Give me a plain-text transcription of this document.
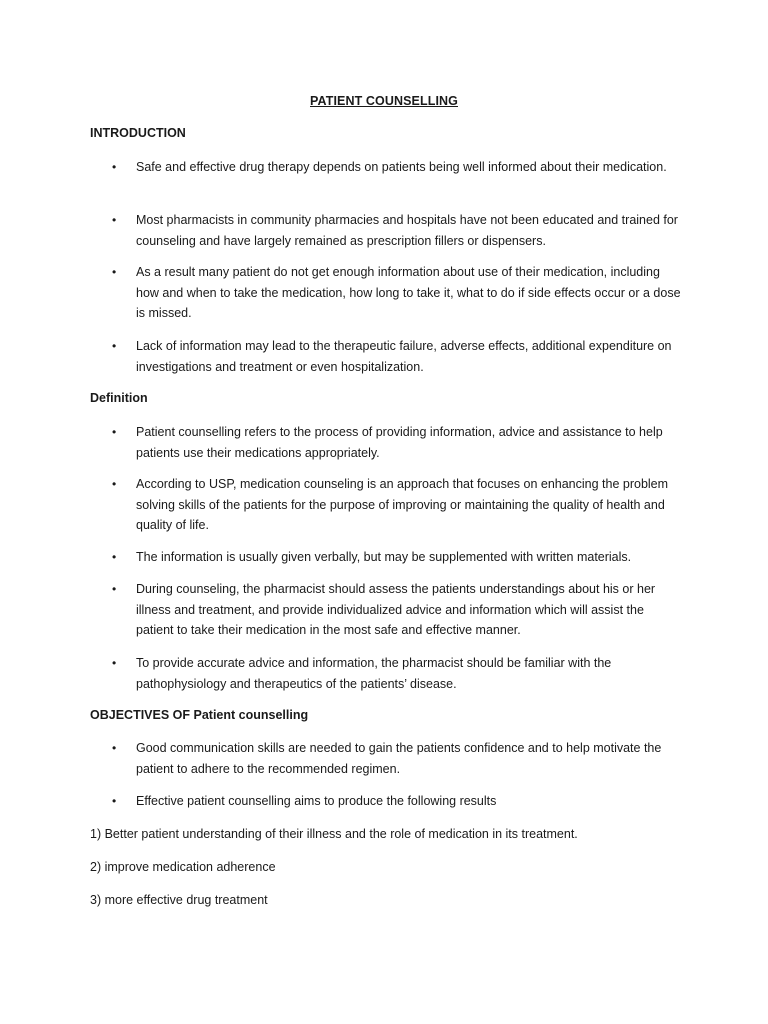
PATIENT COUNSELLING
INTRODUCTION
• Safe and effective drug therapy depends on patients being well informed about their medication.
• Most pharmacists in community pharmacies and hospitals have not been educated and trained for counseling and have largely remained as prescription fillers or dispensers.
• As a result many patient do not get enough information about use of their medication, including how and when to take the medication, how long to take it, what to do if side effects occur or a dose is missed.
• Lack of information may lead to the therapeutic failure, adverse effects, additional expenditure on investigations and treatment or even hospitalization.
Definition
• Patient counselling refers to the process of providing information, advice and assistance to help patients use their medications appropriately.
• According to USP, medication counseling is an approach that focuses on enhancing the problem solving skills of the patients for the purpose of improving or maintaining the quality of health and quality of life.
• The information is usually given verbally, but may be supplemented with written materials.
• During counseling, the pharmacist should assess the patients understandings about his or her illness and treatment, and provide individualized advice and information which will assist the patient to take their medication in the most safe and effective manner.
• To provide accurate advice and information, the pharmacist should be familiar with the pathophysiology and therapeutics of the patients’ disease.
OBJECTIVES OF Patient counselling
• Good communication skills are needed to gain the patients confidence and to help motivate the patient to adhere to the recommended regimen.
• Effective patient counselling aims to produce the following results
1) Better patient understanding of their illness and the role of medication in its treatment.
2) improve medication adherence
3) more effective drug treatment
